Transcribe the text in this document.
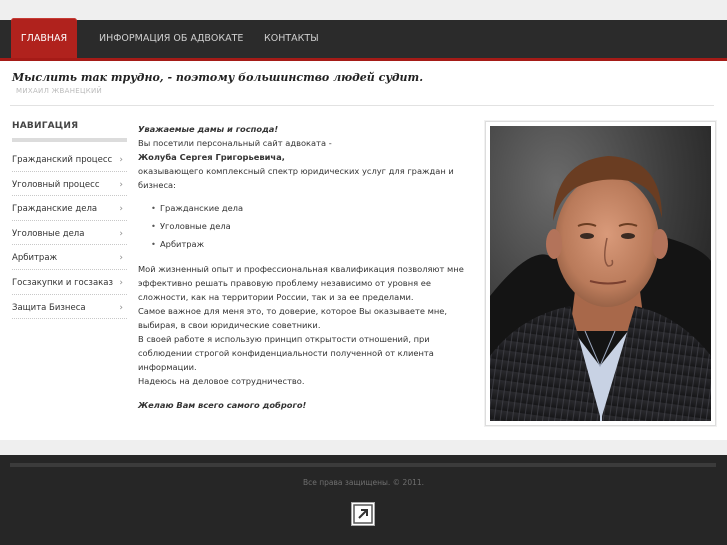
ГЛАВНАЯ	ИНФОРМАЦИЯ ОБ АДВОКАТЕ КОНТАКТЫ
Мыслить так трудно, - поэтому большинство людей судит.
МИХАИЛ ЖВАНЕЦКИЙ
НАВИГАЦИЯ
Гражданский процесс ›
Уголовный процесс ›
Гражданские дела ›
Уголовные дела	›
Арбитраж	›
Госзакупки и госзаказ ›
Защита Бизнеса	›

Уважаемые дамы и господа!

Вы посетили персональный сайт адвоката -

Жолуба Сергея Григорьевича,

оказывающего комплексный спектр юридических услуг для граждан и бизнеса:

• Гражданские дела
• Уголовные дела
• Арбитраж

Мой жизненный опыт и профессиональная квалификация позволяют мне эффективно решать правовую проблему независимо от уровня ее сложности, как на территории России, так и за ее пределами.

Самое важное для меня это, то доверие, которое Вы оказываете мне, выбирая, в свои юридические советники.

В своей работе я использую принцип открытости отношений, при соблюдении строгой конфиденциальности полученной от клиента информации.

Надеюсь на деловое сотрудничество.

Желаю Вам всего самого доброго!

Все права защищены. © 2011.
